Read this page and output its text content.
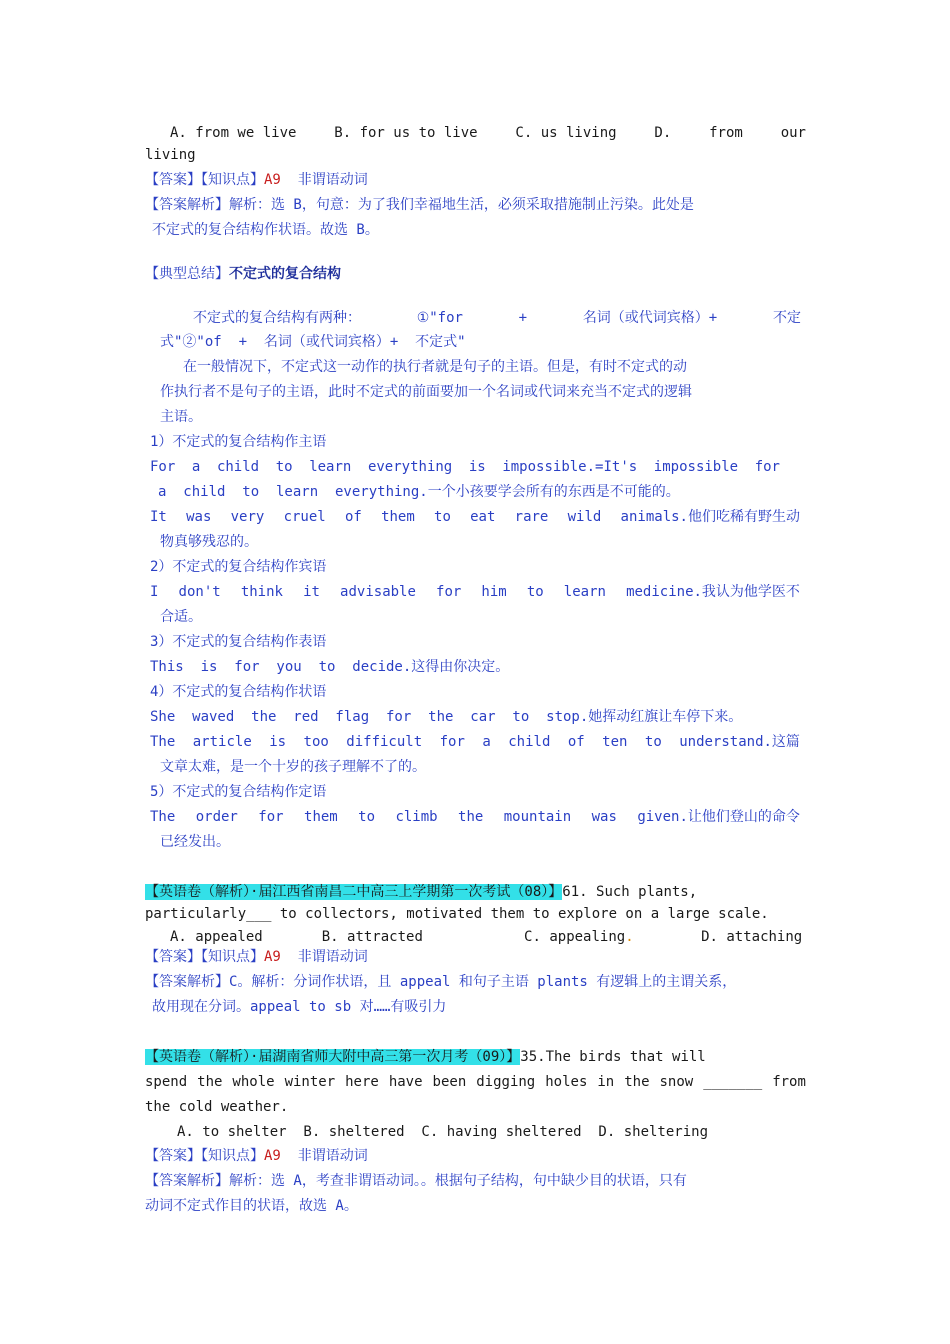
A. from we live	B. for us to live	C. us living	D.	from	our
living
【答案】【知识点】A9 非谓语动词
【答案解析】解析：选 B，句意：为了我们幸福地生活，必须采取措施制止污染。此处是
不定式的复合结构作状语。故选 B。
【典型总结】不定式的复合结构
不定式的复合结构有两种：	①"for	+	名词（或代词宾格）+	不定
式"②"of  +  名词（或代词宾格）+  不定式"
在一般情况下，不定式这一动作的执行者就是句子的主语。但是，有时不定式的动
作执行者不是句子的主语，此时不定式的前面要加一个名词或代词来充当不定式的逻辑
主语。
1）不定式的复合结构作主语
For a child to learn everything is impossible.=It's impossible for
a  child  to  learn  everything.一个小孩要学会所有的东西是不可能的。
It was very cruel of them to eat rare wild animals.他们吃稀有野生动
物真够残忍的。
2）不定式的复合结构作宾语
I don't think it advisable for him to learn medicine.我认为他学医不
合适。
3）不定式的复合结构作表语
This  is  for  you  to  decide.这得由你决定。
4）不定式的复合结构作状语
She  waved  the  red  flag  for  the  car  to  stop.她挥动红旗让车停下来。
The article is too difficult for a child of ten to understand.这篇
文章太难，是一个十岁的孩子理解不了的。
5）不定式的复合结构作定语
The order for them to climb the mountain was given.让他们登山的命令
已经发出。
【英语卷（解析）·届江西省南昌二中高三上学期第一次考试（08）】61. Such plants,
particularly___ to collectors, motivated them to explore on a large scale.
A. appealed	B. attracted	C. appealing.	D. attaching
【答案】【知识点】A9 非谓语动词
【答案解析】C。解析：分词作状语，且 appeal 和句子主语 plants 有逻辑上的主谓关系，
故用现在分词。appeal to sb 对……有吸引力
【英语卷（解析）·届湖南省师大附中高三第一次月考（09）】35.The birds that will
spend the whole winter here have been digging holes in the snow _______ from
the cold weather.
A. to shelter  B. sheltered  C. having sheltered  D. sheltering
【答案】【知识点】A9 非谓语动词
【答案解析】解析：选 A，考查非谓语动词。。根据句子结构，句中缺少目的状语，只有
动词不定式作目的状语，故选 A。
